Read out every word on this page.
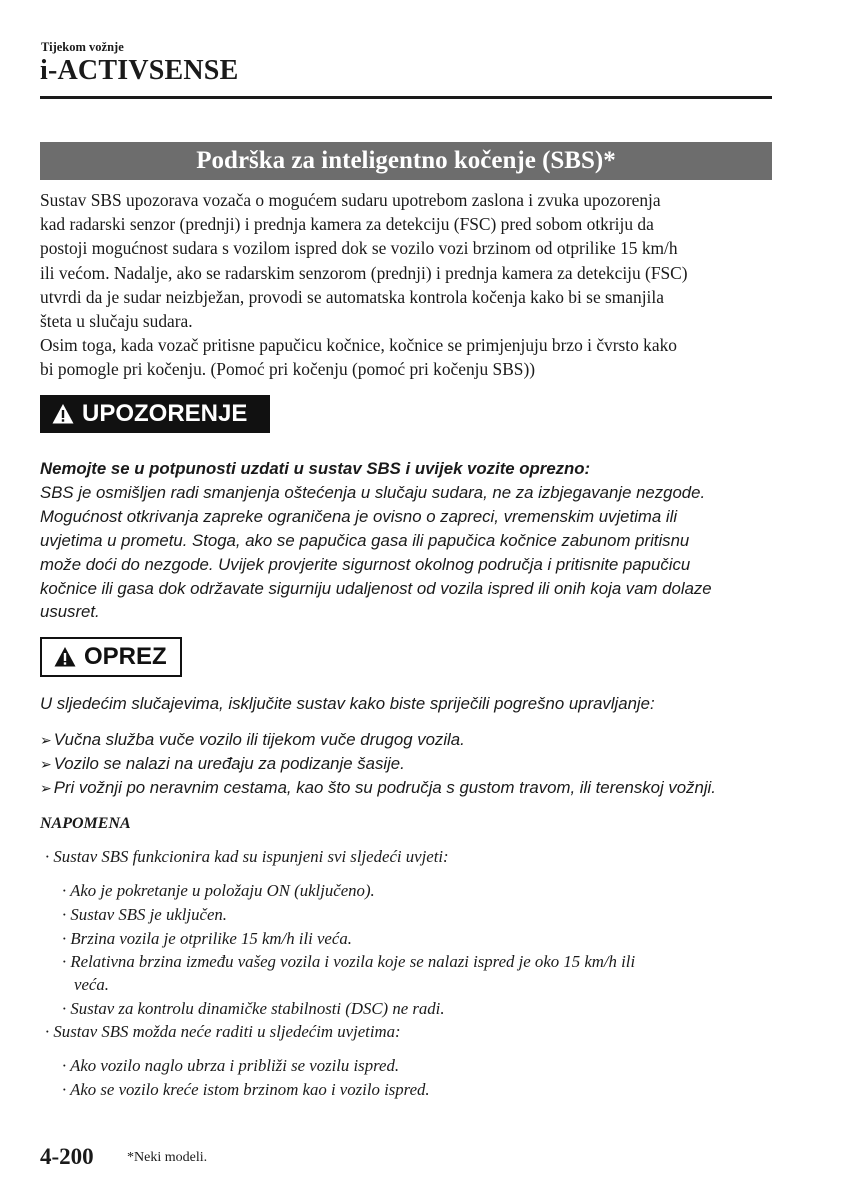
Tijekom vožnje
i-ACTIVSENSE
Podrška za inteligentno kočenje (SBS)*
Sustav SBS upozorava vozača o mogućem sudaru upotrebom zaslona i zvuka upozorenja
kad radarski senzor (prednji) i prednja kamera za detekciju (FSC) pred sobom otkriju da
postoji mogućnost sudara s vozilom ispred dok se vozilo vozi brzinom od otprilike 15 km/h
ili većom. Nadalje, ako se radarskim senzorom (prednji) i prednja kamera za detekciju (FSC)
utvrdi da je sudar neizbježan, provodi se automatska kontrola kočenja kako bi se smanjila
šteta u slučaju sudara.
Osim toga, kada vozač pritisne papučicu kočnice, kočnice se primjenjuju brzo i čvrsto kako
bi pomogle pri kočenju. (Pomoć pri kočenju (pomoć pri kočenju SBS))
UPOZORENJE
Nemojte se u potpunosti uzdati u sustav SBS i uvijek vozite oprezno:
SBS je osmišljen radi smanjenja oštećenja u slučaju sudara, ne za izbjegavanje nezgode.
Mogućnost otkrivanja zapreke ograničena je ovisno o zapreci, vremenskim uvjetima ili
uvjetima u prometu. Stoga, ako se papučica gasa ili papučica kočnice zabunom pritisnu
može doći do nezgode. Uvijek provjerite sigurnost okolnog područja i pritisnite papučicu
kočnice ili gasa dok održavate sigurniju udaljenost od vozila ispred ili onih koja vam dolaze
ususret.
OPREZ
U sljedećim slučajevima, isključite sustav kako biste spriječili pogrešno upravljanje:
➢ Vučna služba vuče vozilo ili tijekom vuče drugog vozila.
➢ Vozilo se nalazi na uređaju za podizanje šasije.
➢ Pri vožnji po neravnim cestama, kao što su područja s gustom travom, ili terenskoj vožnji.
NAPOMENA
· Sustav SBS funkcionira kad su ispunjeni svi sljedeći uvjeti:
· Ako je pokretanje u položaju ON (uključeno).
· Sustav SBS je uključen.
· Brzina vozila je otprilike 15 km/h ili veća.
· Relativna brzina između vašeg vozila i vozila koje se nalazi ispred je oko 15 km/h ili
veća.
· Sustav za kontrolu dinamičke stabilnosti (DSC) ne radi.
· Sustav SBS možda neće raditi u sljedećim uvjetima:
· Ako vozilo naglo ubrza i približi se vozilu ispred.
· Ako se vozilo kreće istom brzinom kao i vozilo ispred.
4-200 *Neki modeli.
